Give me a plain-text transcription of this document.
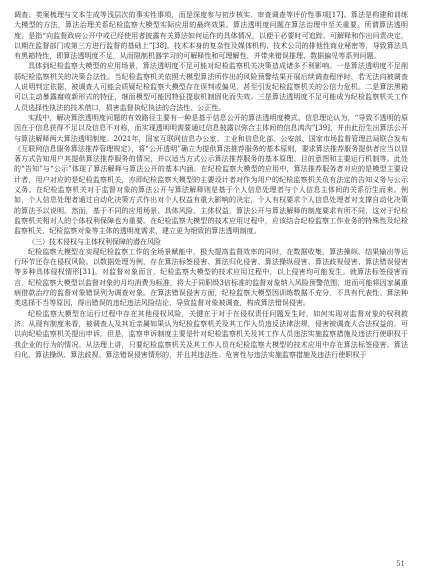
调查、类案梳理与文本生成等浅层次的事实性事项，而是深度参与初步核实、审查调查等评价性事项[17]。算法是构建和训练大模型的方法，算法治理关系纪检监察大模型实际应用的最终效果。算法透明度问题在算法治理中至关重要。所谓算法透明度，是指“向监督政府公开中或已经使用者披露有关算法如何运作的具体情况，以便于必要时可追踪、可解释和作出问责决定，以期在监督部门或第三方进行监督的基础上”[38]。技术本身的复杂性及媒体机构、技术公司的排他性商业秘密等，导致算法具有黑箱特性，即算法透明度不足，从而限制机器学习的可解释性和可理解性，并带来错误推理、数据偏见等系列问题。

具体到纪检监察大模型的应用场景，算法透明度不足可能对纪检监察机关决策造成诸多不利影响。一是算法透明度不足削弱纪检监察机关的决策合法性。当纪检监察机关依照大模型算法所作出的风险预警结果开展后续调查程序时，若无法向被调查人说明判定依据，被调查人可能会质疑纪检监察大模型存在误判或偏见，甚至引发纪检监察机关的公信力危机。二是算法黑箱可以主动暴露腐败新形式的特征，继而模型可能因特征提取机制固化而失效。三是算法透明度不足可能成为纪检监察机关工作人员选择性执法的技术借口，损害监督执纪执法的合法性、公正性。

实践中，解决算法透明度问题的有效路径主要有一种是基于信息公开的算法透明度模式。信息理论认为，“导致不透明的原因在于信息获得不足以及信息不对称，而实现透明明需要通过信息披露以弥合主体间的信息鸿沟”[39]，并由此衍生出算法公开与算法解释两大算法透明制度。2021年，国家互联网信息办公室、工业和信息化部、公安部、国家市场监督管理总局联合发布《互联网信息服务算法推荐管理规定》，将“公开透明”确立为提供算法推荐服务的基本原则，要求算法推荐服务提供者应当以显著方式告知用户其提供算法推荐服务的情况，并以适当方式公示算法推荐服务的基本原理、目的意图和主要运行机制等。此处的“告知”与“公示”体现了算法解释与算法公开的基本内涵。在纪检监察大模型的应用中，算法推荐服务者对应的是模型主要设计者，用户对应的是纪检监察机关，亦即纪检监察大模型的主要设计者对作为用户的纪检监察机关负有法定的告知义务与公示义务。在纪检监察机关对于监督对象的算法公开与算法解释则是基于个人信息处理者与个人信息主体间的关系衍生而来。例如，个人信息处理者通过自动化决策方式作出对个人权益有重大影响的决定，个人有权要求个人信息处理者对支撑自动化决策的算法予以说明。然而，基于不同的应用场景、具体风险、主体权益，算法公开与算法解释的制度要求有所不同，这对于纪检监察机关相对人的个体权利保障也为重要。在纪检监察大模型的技术应用过程中，应该结合纪检监察工作业务的特殊性及纪检监察机关、纪检监察对象等主体的透明度需求，建立更为细致的算法透明制度。

（三）技术侵权与主体权利保障的潜在风险

纪检监察大模型在实现纪检监察工作的全场景赋能中，极大提高监督效率的同时，在数据收集、算法操纵、结果输出等运行环节还存在侵权风险。以数据处理为例，存在算法标签侵害、算法归化侵害、算法操纵侵害、算法歧视侵害、算法错误侵害等多种具体侵权情形[31]。对监督对象而言，纪检监察大模型的技术应用过程中，以上侵害均可能发生。就算法标签侵害而言，纪检监察大模型以监督对象的月均消费为标准，将大于同职级3倍标准的监督对象纳入风险预警范围，进而可能将因家属重病借款治疗的监督对象错误列为调查对象。在算法错误侵害方面，纪检监察大模型因训练数据不充分、不具有代表性、算法种类选择不当等原因，得出错误的违纪违法风险结论，导致监督对象被调查，构成算法错误侵害。

纪检监察大模型在运行过程中存在其他侵权风险，关键在于对于在侵权责任问题发生时，如何实现对监督对象的权利救济。从现有制度来看，被调查人及其近亲属如果认为纪检监察机关及其工作人员违反法律法规，侵害被调查人合法权益的，可以向纪检监察机关提出申诉。但是，监察申诉制度主要是针对纪检监察机关及其工作人员违法实施监察措施及违法行使职权于我企业的行为的情况。从法理上讲，只要纪检监察机关及其工作人员在纪检监察大模型的技术应用中存在算法标签侵害、算法归化、算法操纵、算法歧视、算法错误侵害情形的，并且其违法性、危害性与违法实施监察措施及违法行使职权于

51
